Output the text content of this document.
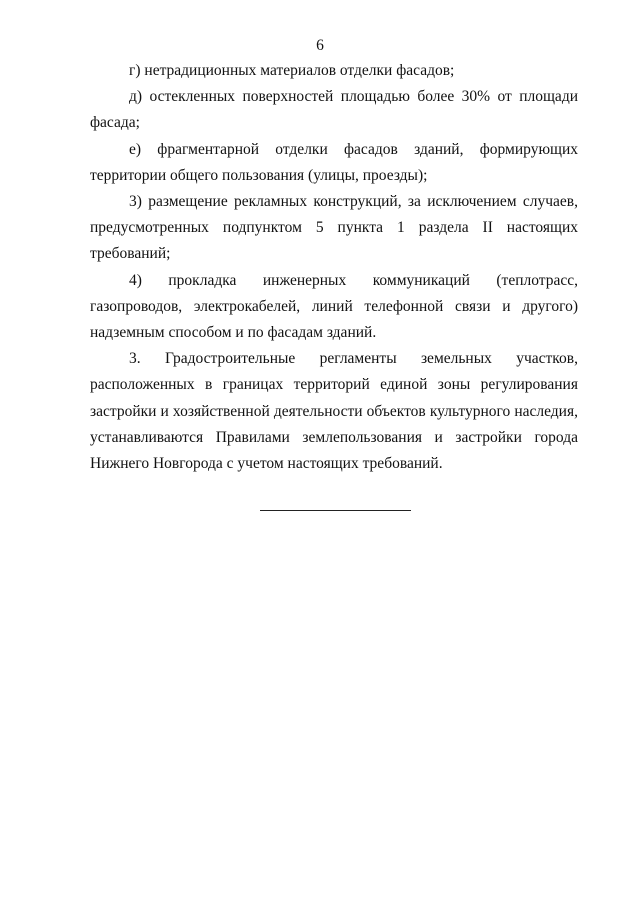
6

г) нетрадиционных материалов отделки фасадов;

д) остекленных поверхностей площадью более 30% от площади фасада;

е) фрагментарной отделки фасадов зданий, формирующих территории общего пользования (улицы, проезды);

3) размещение рекламных конструкций, за исключением случаев, предусмотренных подпунктом 5 пункта 1 раздела II настоящих требований;

4) прокладка инженерных коммуникаций (теплотрасс, газопроводов, электрокабелей, линий телефонной связи и другого) надземным способом и по фасадам зданий.

3. Градостроительные регламенты земельных участков, расположенных в границах территорий единой зоны регулирования застройки и хозяйственной деятельности объектов культурного наследия, устанавливаются Правилами землепользования и застройки города Нижнего Новгорода с учетом настоящих требований.
